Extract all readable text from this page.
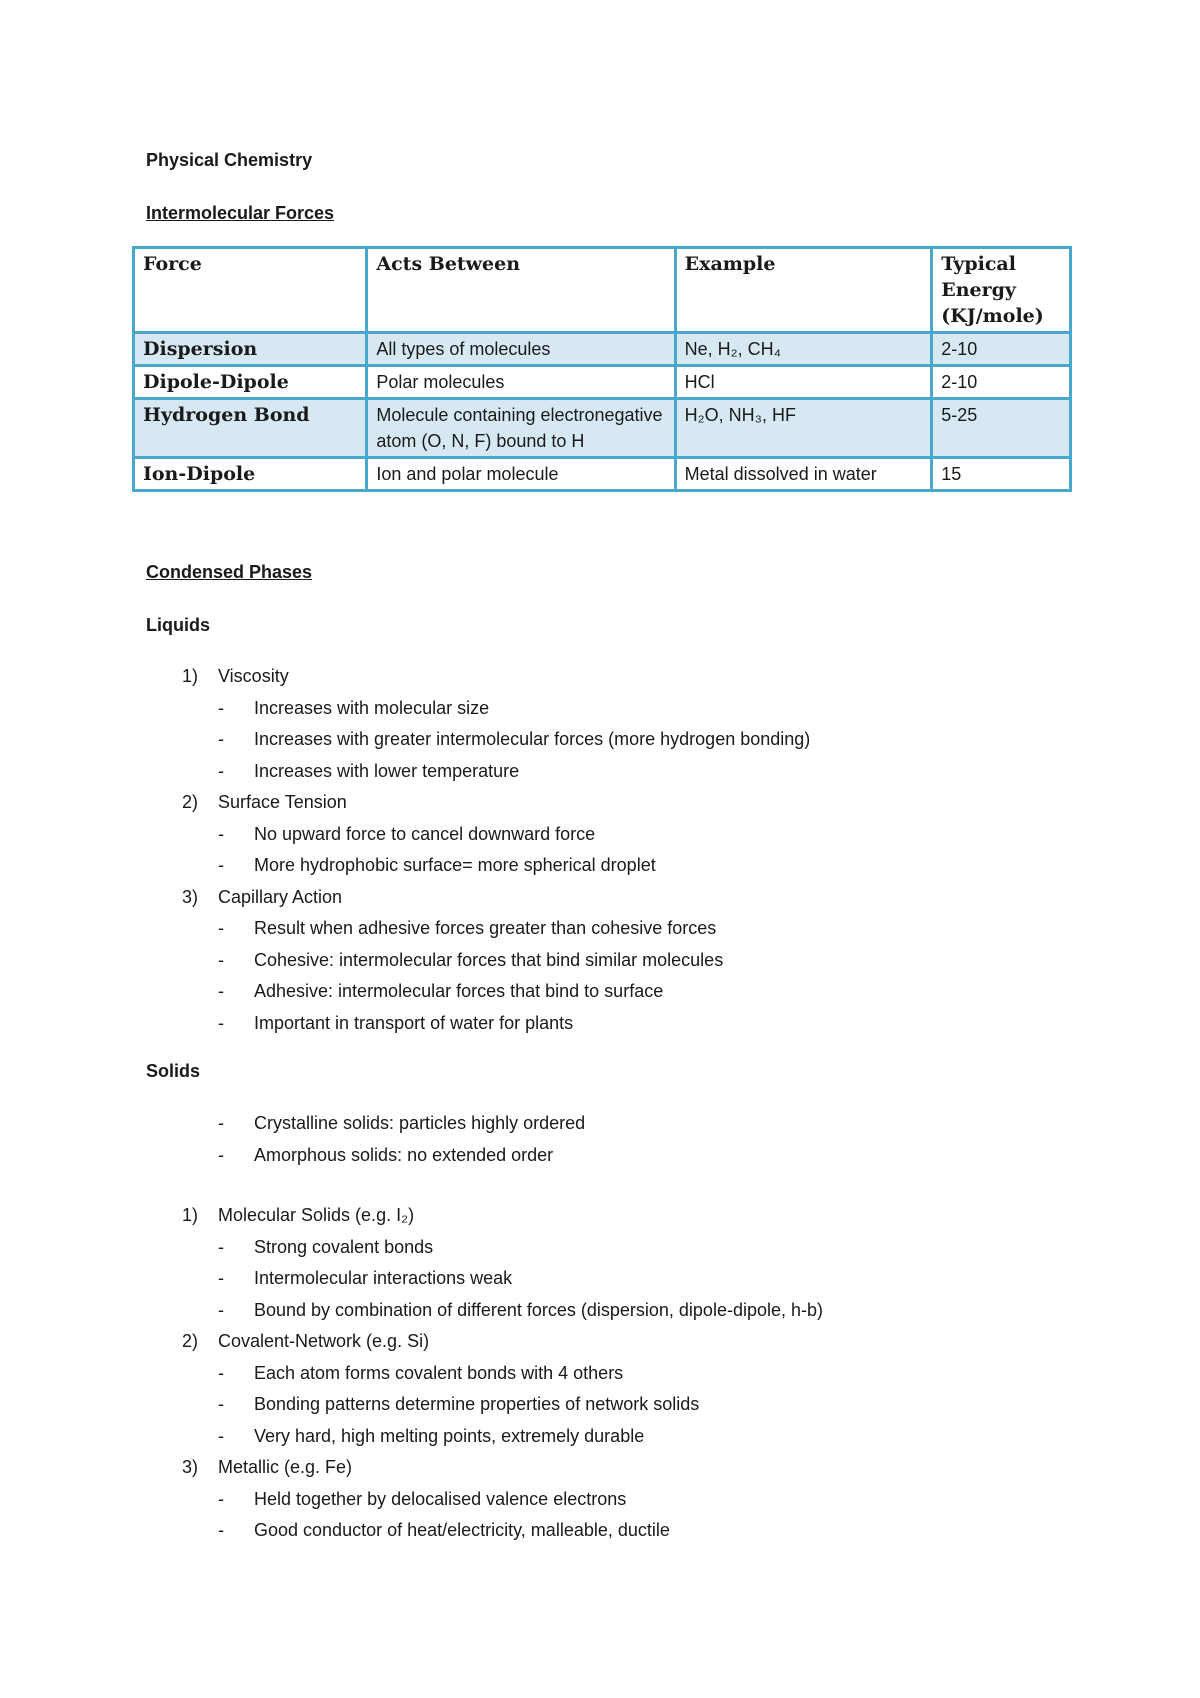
Physical Chemistry
Intermolecular Forces
Force	Acts Between	Example	Typical Energy (KJ/mole)
Dispersion	All types of molecules	Ne, H₂, CH₄	2-10
Dipole-Dipole	Polar molecules	HCl	2-10
Hydrogen Bond	Molecule containing electronegative atom (O, N, F) bound to H	H₂O, NH₃, HF	5-25
Ion-Dipole	Ion and polar molecule	Metal dissolved in water	15
Condensed Phases
Liquids
1) Viscosity
- Increases with molecular size
- Increases with greater intermolecular forces (more hydrogen bonding)
- Increases with lower temperature
2) Surface Tension
- No upward force to cancel downward force
- More hydrophobic surface= more spherical droplet
3) Capillary Action
- Result when adhesive forces greater than cohesive forces
- Cohesive: intermolecular forces that bind similar molecules
- Adhesive: intermolecular forces that bind to surface
- Important in transport of water for plants
Solids
- Crystalline solids: particles highly ordered
- Amorphous solids: no extended order
1) Molecular Solids (e.g. I₂)
- Strong covalent bonds
- Intermolecular interactions weak
- Bound by combination of different forces (dispersion, dipole-dipole, h-b)
2) Covalent-Network (e.g. Si)
- Each atom forms covalent bonds with 4 others
- Bonding patterns determine properties of network solids
- Very hard, high melting points, extremely durable
3) Metallic (e.g. Fe)
- Held together by delocalised valence electrons
- Good conductor of heat/electricity, malleable, ductile
